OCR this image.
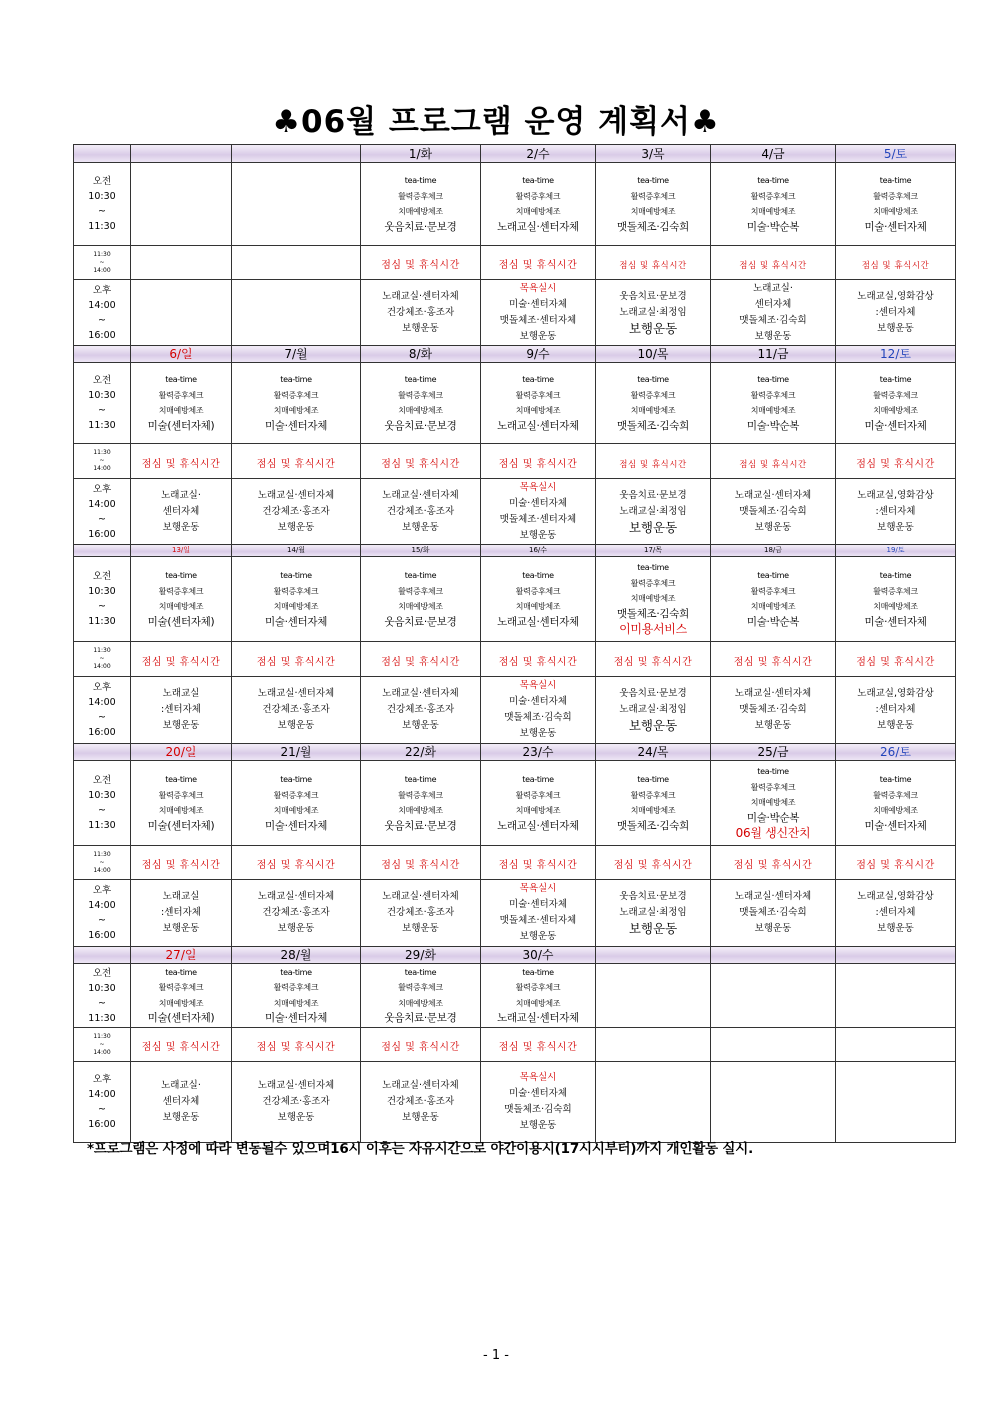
♣06월 프로그램 운영 계획서♣
			1/화	2/수	3/목	4/금	5/토

오전
10:30
~
11:30			tea-time
활력증후체크
치매예방체조
웃음치료·문보경	tea-time
활력증후체크
치매예방체조
노래교실·센터자체	tea-time
활력증후체크
치매예방체조
맷돌체조·김숙희	tea-time
활력증후체크
치매예방체조
미술·박순복	tea-time
활력증후체크
치매예방체조
미술·센터자체

11:30
~
14:00			점심 및 휴식시간	점심 및 휴식시간	점심 및 휴식시간	점심 및 휴식시간	점심 및 휴식시간

오후
14:00
~
16:00			노래교실·센터자체
건강체조·홍조자
보행운동	목욕실시
미술·센터자체
맷돌체조·센터자체
보행운동	웃음치료·문보경
노래교실·최정임
보행운동	노래교실·
센터자체
맷돌체조·김숙희
보행운동	노래교실,영화감상
:센터자체
보행운동

	6/일	7/월	8/화	9/수	10/목	11/금	12/토

오전
10:30
~
11:30	tea-time
활력증후체크
치매예방체조
미술(센터자체)	tea-time
활력증후체크
치매예방체조
미술·센터자체	tea-time
활력증후체크
치매예방체조
웃음치료·문보경	tea-time
활력증후체크
치매예방체조
노래교실·센터자체	tea-time
활력증후체크
치매예방체조
맷돌체조·김숙희	tea-time
활력증후체크
치매예방체조
미술·박순복	tea-time
활력증후체크
치매예방체조
미술·센터자체

11:30
~
14:00	점심 및 휴식시간	점심 및 휴식시간	점심 및 휴식시간	점심 및 휴식시간	점심 및 휴식시간	점심 및 휴식시간	점심 및 휴식시간

오후
14:00
~
16:00	노래교실·
센터자체
보행운동	노래교실·센터자체
건강체조·홍조자
보행운동	노래교실·센터자체
건강체조·홍조자
보행운동	목욕실시
미술·센터자체
맷돌체조·센터자체
보행운동	웃음치료·문보경
노래교실·최정임
보행운동	노래교실·센터자체
맷돌체조·김숙희
보행운동	노래교실,영화감상
:센터자체
보행운동

	13/일	14/월	15/화	16/수	17/목	18/금	19/토

오전
10:30
~
11:30	tea-time
활력증후체크
치매예방체조
미술(센터자체)	tea-time
활력증후체크
치매예방체조
미술·센터자체	tea-time
활력증후체크
치매예방체조
웃음치료·문보경	tea-time
활력증후체크
치매예방체조
노래교실·센터자체	tea-time
활력증후체크
치매예방체조
맷돌체조·김숙희
이미용서비스	tea-time
활력증후체크
치매예방체조
미술·박순복	tea-time
활력증후체크
치매예방체조
미술·센터자체

11:30
~
14:00	점심 및 휴식시간	점심 및 휴식시간	점심 및 휴식시간	점심 및 휴식시간	점심 및 휴식시간	점심 및 휴식시간	점심 및 휴식시간

오후
14:00
~
16:00	노래교실
:센터자체
보행운동	노래교실·센터자체
건강체조·홍조자
보행운동	노래교실·센터자체
건강체조·홍조자
보행운동	목욕실시
미술·센터자체
맷돌체조·김숙희
보행운동	웃음치료·문보경
노래교실·최정임
보행운동	노래교실·센터자체
맷돌체조·김숙희
보행운동	노래교실,영화감상
:센터자체
보행운동

	20/일	21/월	22/화	23/수	24/목	25/금	26/토

오전
10:30
~
11:30	tea-time
활력증후체크
치매예방체조
미술(센터자체)	tea-time
활력증후체크
치매예방체조
미술·센터자체	tea-time
활력증후체크
치매예방체조
웃음치료·문보경	tea-time
활력증후체크
치매예방체조
노래교실·센터자체	tea-time
활력증후체크
치매예방체조
맷돌체조·김숙희	tea-time
활력증후체크
치매예방체조
미술·박순복
06월 생신잔치	tea-time
활력증후체크
치매예방체조
미술·센터자체

11:30
~
14:00	점심 및 휴식시간	점심 및 휴식시간	점심 및 휴식시간	점심 및 휴식시간	점심 및 휴식시간	점심 및 휴식시간	점심 및 휴식시간

오후
14:00
~
16:00	노래교실
:센터자체
보행운동	노래교실·센터자체
건강체조·홍조자
보행운동	노래교실·센터자체
건강체조·홍조자
보행운동	목욕실시
미술·센터자체
맷돌체조·센터자체
보행운동	웃음치료·문보경
노래교실·최정임
보행운동	노래교실·센터자체
맷돌체조·김숙희
보행운동	노래교실,영화감상
:센터자체
보행운동

	27/일	28/월	29/화	30/수			

오전
10:30
~
11:30	tea-time
활력증후체크
치매예방체조
미술(센터자체)	tea-time
활력증후체크
치매예방체조
미술·센터자체	tea-time
활력증후체크
치매예방체조
웃음치료·문보경	tea-time
활력증후체크
치매예방체조
노래교실·센터자체			

11:30
~
14:00	점심 및 휴식시간	점심 및 휴식시간	점심 및 휴식시간	점심 및 휴식시간			

오후
14:00
~
16:00	노래교실·
센터자체
보행운동	노래교실·센터자체
건강체조·홍조자
보행운동	노래교실·센터자체
건강체조·홍조자
보행운동	목욕실시
미술·센터자체
맷돌체조·김숙희
보행운동			

*프로그램은 사정에 따라 변동될수 있으며16시 이후는 자유시간으로 야간이용시(17시시부터)까지 개인활동 실시.
- 1 -
